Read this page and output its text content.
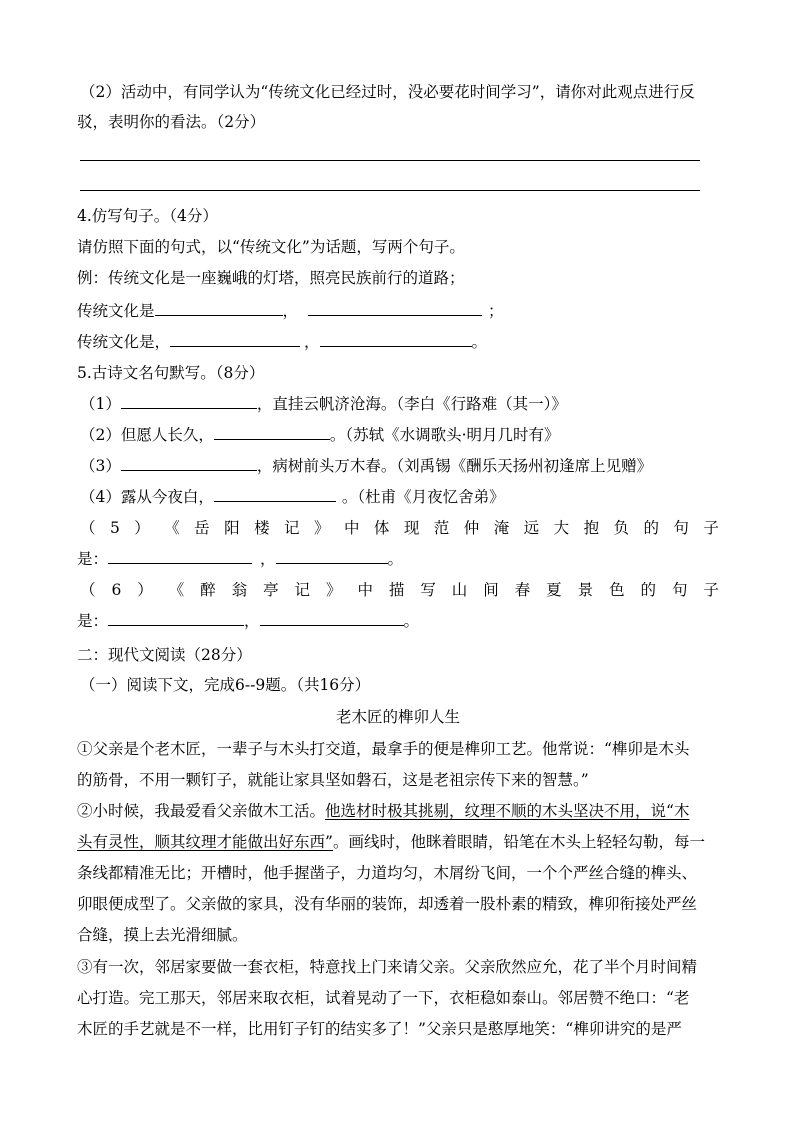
（2）活动中，有同学认为“传统文化已经过时，没必要花时间学习”，请你对此观点进行反
驳，表明你的看法。（2分）
4.仿写句子。（4分）
请仿照下面的句式，以“传统文化”为话题，写两个句子。
例：传统文化是一座巍峨的灯塔，照亮民族前行的道路；
传统文化是	，	；
传统文化是，	，	。
5.古诗文名句默写。（8分）
（1）	，直挂云帆济沧海。（李白《行路难（其一）》
（2）但愿人长久，	。（苏轼《水调歌头·明月几时有》
（3）	，病树前头万木春。（刘禹锡《酬乐天扬州初逢席上见赠》
（4）露从今夜白，	。（杜甫《月夜忆舍弟》
（ 5 ） 《 岳 阳 楼 记 》 中 体 现 范 仲 淹 远 大 抱 负 的 句 子
是：	，	。
（ 6 ） 《 醉 翁 亭 记 》 中 描 写 山 间 春 夏 景 色 的 句 子
是：	，	。
二：现代文阅读（28分）
（一）阅读下文，完成6--9题。（共16分）
老木匠的榫卯人生
①父亲是个老木匠，一辈子与木头打交道，最拿手的便是榫卯工艺。他常说：“榫卯是木头
的筋骨，不用一颗钉子，就能让家具坚如磐石，这是老祖宗传下来的智慧。”
②小时候，我最爱看父亲做木工活。他选材时极其挑剔，纹理不顺的木头坚决不用，说“木
头有灵性，顺其纹理才能做出好东西”。画线时，他眯着眼睛，铅笔在木头上轻轻勾勒，每一
条线都精准无比；开槽时，他手握凿子，力道均匀，木屑纷飞间，一个个严丝合缝的榫头、
卯眼便成型了。父亲做的家具，没有华丽的装饰，却透着一股朴素的精致，榫卯衔接处严丝
合缝，摸上去光滑细腻。
③有一次，邻居家要做一套衣柜，特意找上门来请父亲。父亲欣然应允，花了半个月时间精
心打造。完工那天，邻居来取衣柜，试着晃动了一下，衣柜稳如泰山。邻居赞不绝口：“老
木匠的手艺就是不一样，比用钉子钉的结实多了！”父亲只是憨厚地笑：“榫卯讲究的是严
